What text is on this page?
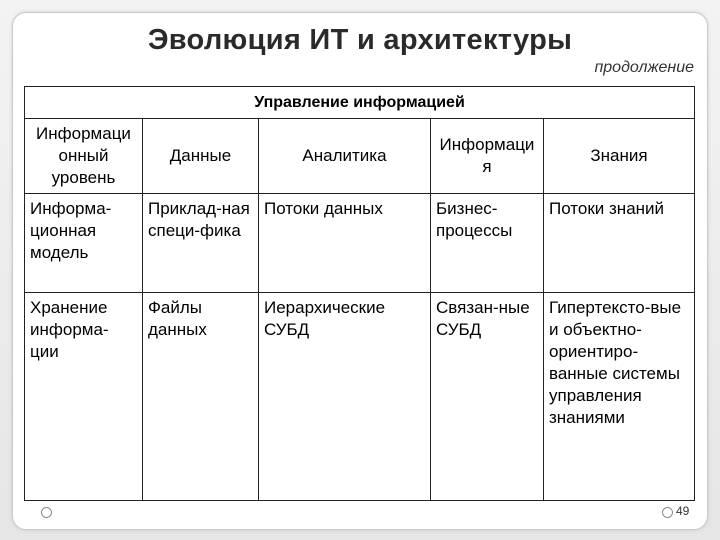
Эволюция ИТ и архитектуры
продолжение
Управление информацией				
Информаци онный уровень	Данные	Аналитика	Информаци я	Знания
Информа-ционная модель	Приклад-ная специ-фика	Потоки данных	Бизнес-процессы	Потоки знаний
Хранение информа-ции	Файлы данных	Иерархические СУБД	Связан-ные СУБД	Гипертексто-вые и объектно-ориентиро-ванные системы управления знаниями
49
